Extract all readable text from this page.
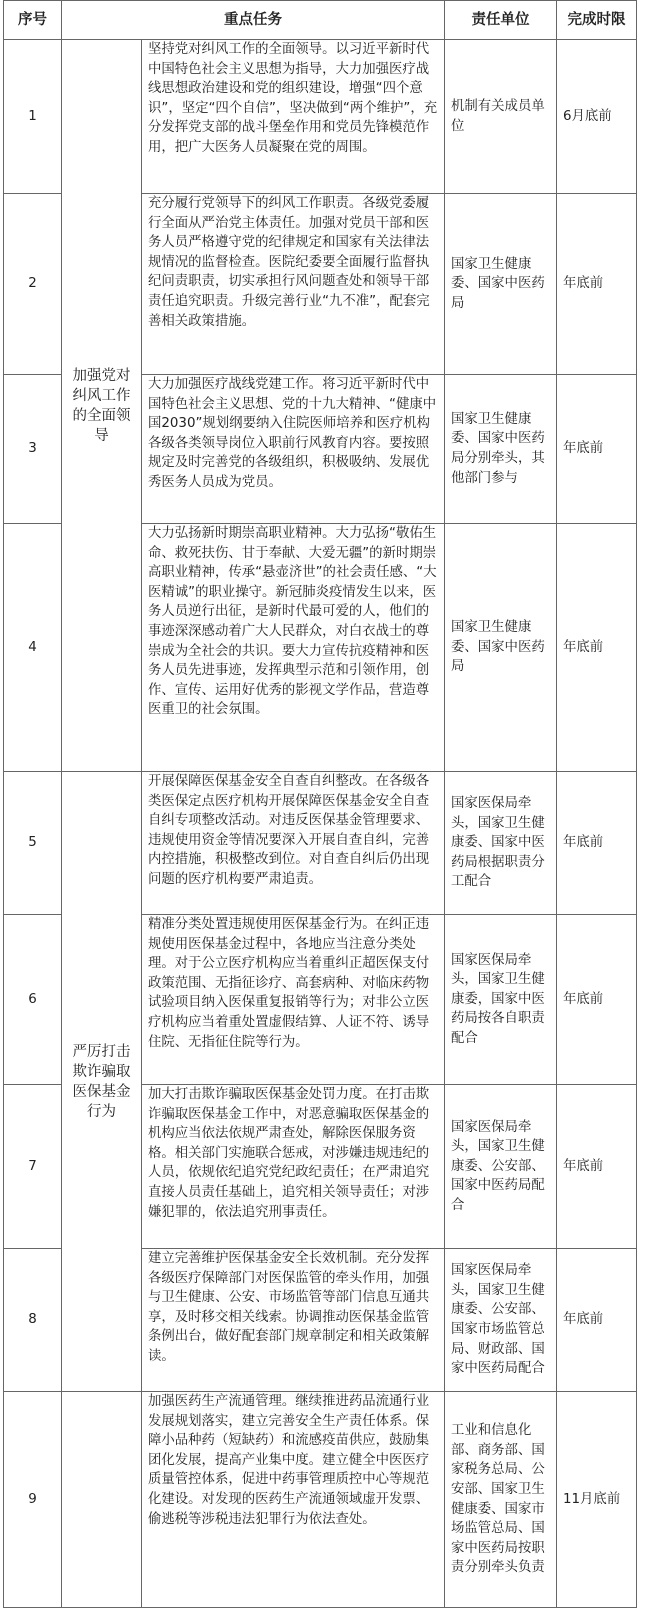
序号	重点任务		责任单位	完成时限
1	加强党对纠风工作的全面领导	坚持党对纠风工作的全面领导。以习近平新时代中国特色社会主义思想为指导，大力加强医疗战线思想政治建设和党的组织建设，增强“四个意识”，坚定“四个自信”，坚决做到“两个维护”，充分发挥党支部的战斗堡垒作用和党员先锋模范作用，把广大医务人员凝聚在党的周围。	机制有关成员单位	6月底前
2		充分履行党领导下的纠风工作职责。各级党委履行全面从严治党主体责任。加强对党员干部和医务人员严格遵守党的纪律规定和国家有关法律法规情况的监督检查。医院纪委要全面履行监督执纪问责职责，切实承担行风问题查处和领导干部责任追究职责。升级完善行业“九不准”，配套完善相关政策措施。	国家卫生健康委、国家中医药局	年底前
3		大力加强医疗战线党建工作。将习近平新时代中国特色社会主义思想、党的十九大精神、“健康中国2030”规划纲要纳入住院医师培养和医疗机构各级各类领导岗位入职前行风教育内容。要按照规定及时完善党的各级组织，积极吸纳、发展优秀医务人员成为党员。	国家卫生健康委、国家中医药局分别牵头，其他部门参与	年底前
4		大力弘扬新时期崇高职业精神。大力弘扬“敬佑生命、救死扶伤、甘于奉献、大爱无疆”的新时期崇高职业精神，传承“悬壶济世”的社会责任感、“大医精诚”的职业操守。新冠肺炎疫情发生以来，医务人员逆行出征，是新时代最可爱的人，他们的事迹深深感动着广大人民群众，对白衣战士的尊崇成为全社会的共识。要大力宣传抗疫精神和医务人员先进事迹，发挥典型示范和引领作用，创作、宣传、运用好优秀的影视文学作品，营造尊医重卫的社会氛围。	国家卫生健康委、国家中医药局	年底前
5	严厉打击欺诈骗取医保基金行为	开展保障医保基金安全自查自纠整改。在各级各类医保定点医疗机构开展保障医保基金安全自查自纠专项整改活动。对违反医保基金管理要求、违规使用资金等情况要深入开展自查自纠，完善内控措施，积极整改到位。对自查自纠后仍出现问题的医疗机构要严肃追责。	国家医保局牵头，国家卫生健康委、国家中医药局根据职责分工配合	年底前
6		精准分类处置违规使用医保基金行为。在纠正违规使用医保基金过程中，各地应当注意分类处理。对于公立医疗机构应当着重纠正超医保支付政策范围、无指征诊疗、高套病种、对临床药物试验项目纳入医保重复报销等行为；对非公立医疗机构应当着重处置虚假结算、人证不符、诱导住院、无指征住院等行为。	国家医保局牵头，国家卫生健康委，国家中医药局按各自职责配合	年底前
7		加大打击欺诈骗取医保基金处罚力度。在打击欺诈骗取医保基金工作中，对恶意骗取医保基金的机构应当依法依规严肃查处，解除医保服务资格。相关部门实施联合惩戒，对涉嫌违规违纪的人员，依规依纪追究党纪政纪责任；在严肃追究直接人员责任基础上，追究相关领导责任；对涉嫌犯罪的，依法追究刑事责任。	国家医保局牵头，国家卫生健康委、公安部、国家中医药局配合	年底前
8		建立完善维护医保基金安全长效机制。充分发挥各级医疗保障部门对医保监管的牵头作用，加强与卫生健康、公安、市场监管等部门信息互通共享，及时移交相关线索。协调推动医保基金监管条例出台，做好配套部门规章制定和相关政策解读。	国家医保局牵头，国家卫生健康委、公安部、国家市场监管总局、财政部、国家中医药局配合	年底前
9		加强医药生产流通管理。继续推进药品流通行业发展规划落实，建立完善安全生产责任体系。保障小品种药（短缺药）和流感疫苗供应，鼓励集团化发展，提高产业集中度。建立健全中医医疗质量管控体系，促进中药事管理质控中心等规范化建设。对发现的医药生产流通领域虚开发票、偷逃税等涉税违法犯罪行为依法查处。	工业和信息化部、商务部、国家税务总局、公安部、国家卫生健康委、国家市场监管总局、国家中医药局按职责分别牵头负责	11月底前
